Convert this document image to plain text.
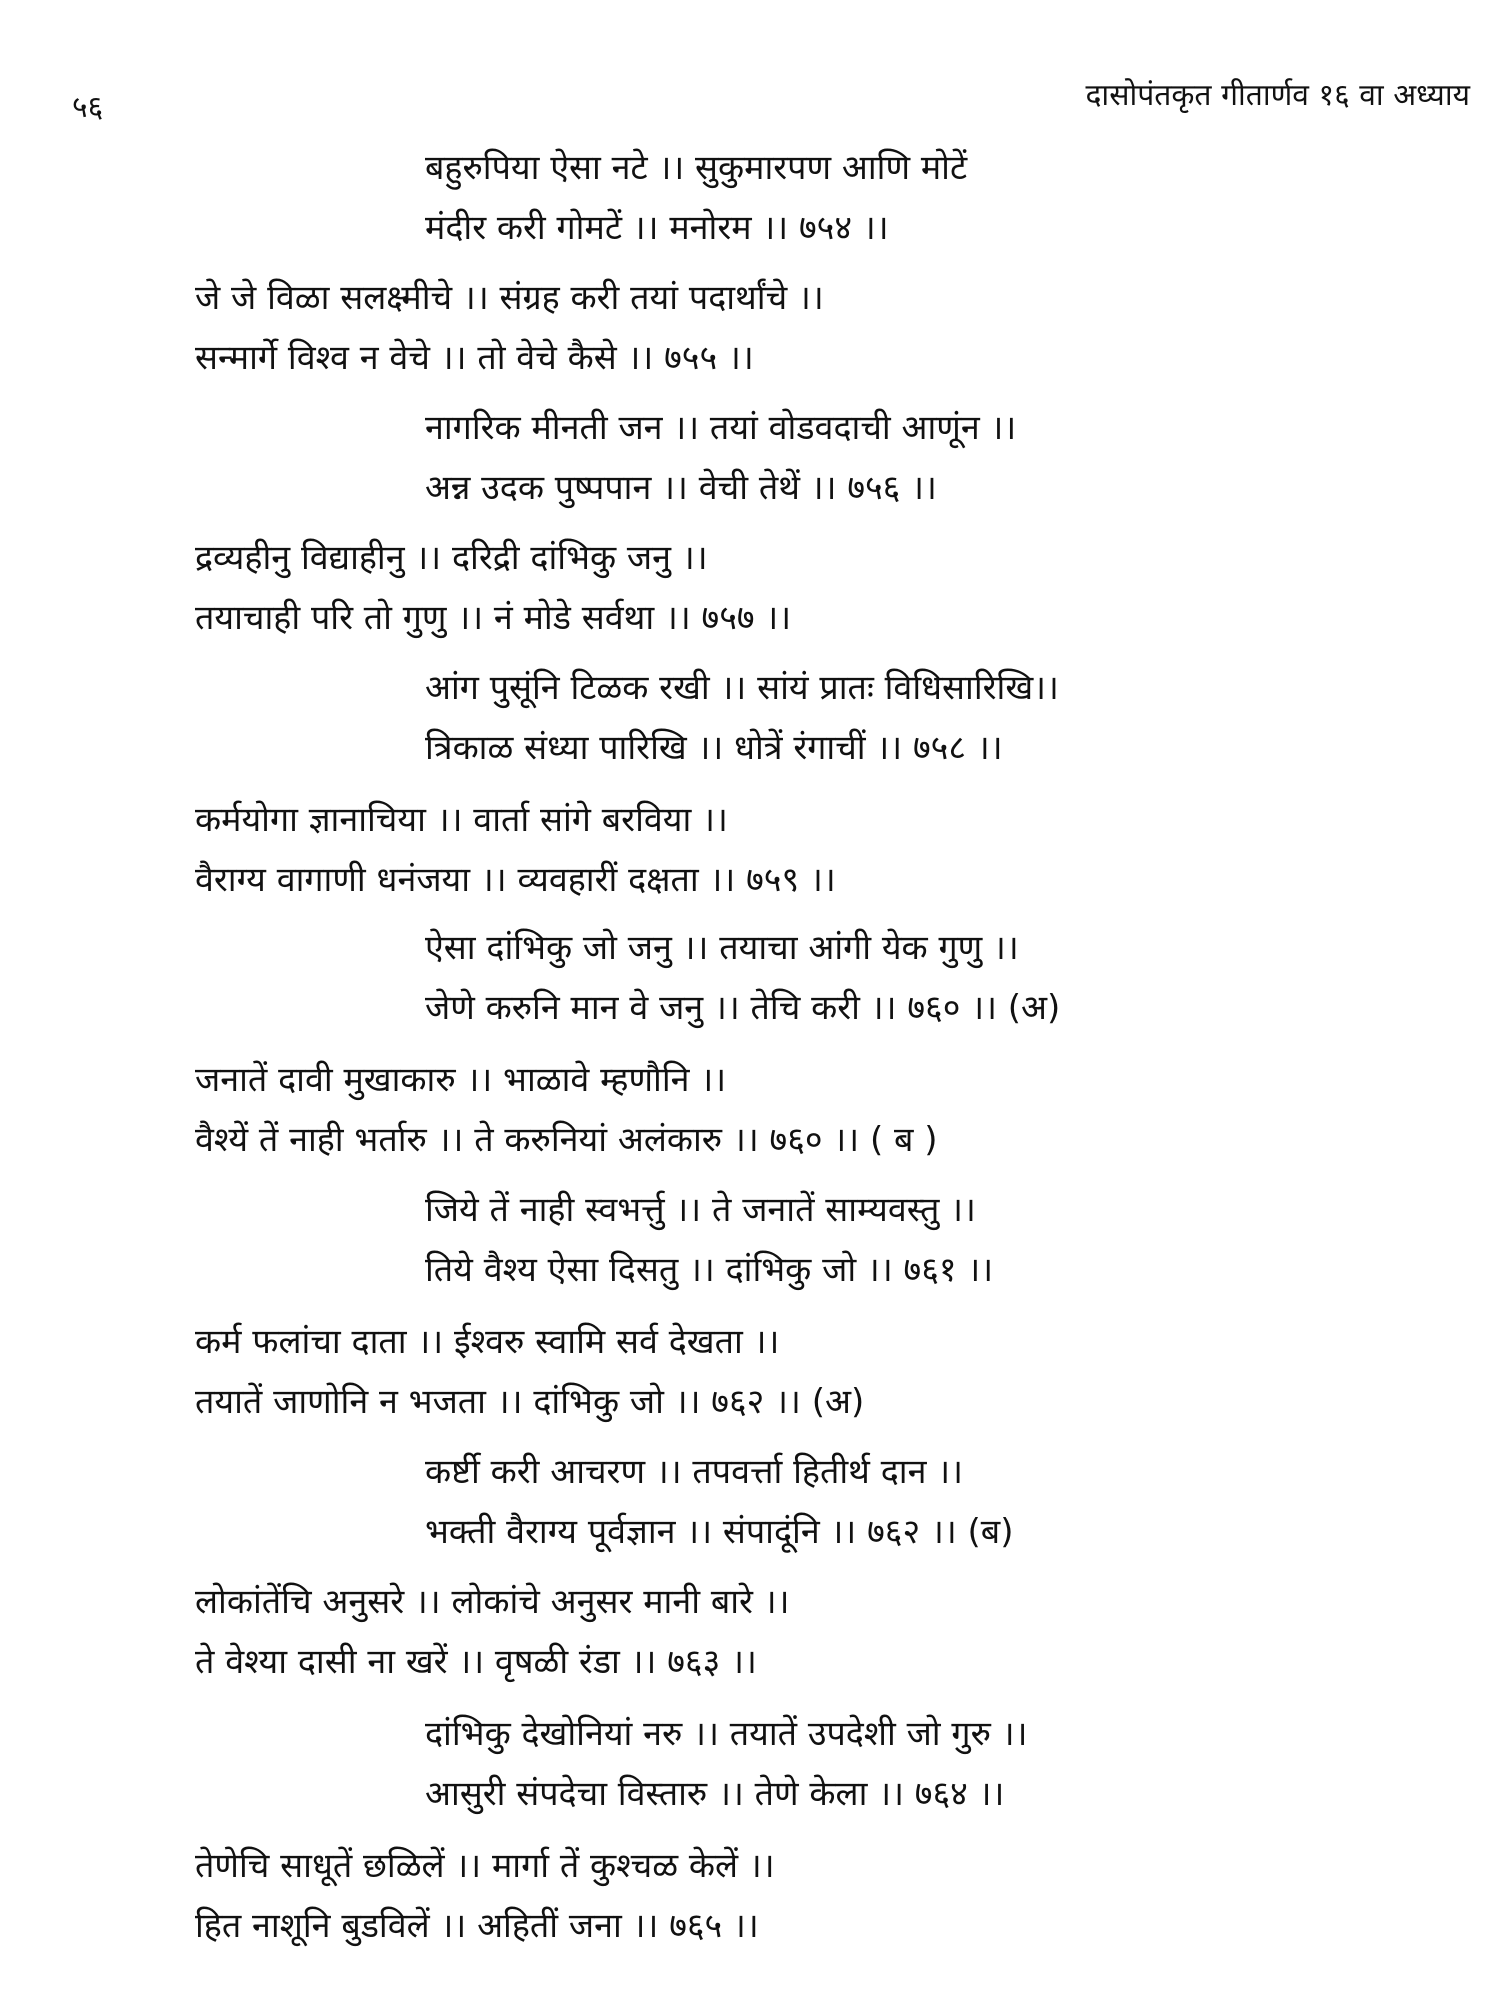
५६	दासोपंतकृत गीतार्णव १६ वा अध्याय
बहुरुपिया ऐसा नटे ।। सुकुमारपण आणि मोटें
मंदीर करी गोमटें ।। मनोरम ।। ७५४ ।।
जे जे विळा सलक्ष्मीचे ।। संग्रह करी तयां पदार्थांचे ।।
सन्मार्गे विश्व न वेचे ।। तो वेचे कैसे ।। ७५५ ।।
नागरिक मीनती जन ।। तयां वोडवदाची आणूंन ।।
अन्न उदक पुष्पपान ।। वेची तेथें ।। ७५६ ।।
द्रव्यहीनु विद्याहीनु ।। दरिद्री दांभिकु जनु ।।
तयाचाही परि तो गुणु ।। नं मोडे सर्वथा ।। ७५७ ।।
आंग पुसूंनि टिळक रखी ।। सांयं प्रातः विधिसारिखि।।
त्रिकाळ संध्या पारिखि ।। धोत्रें रंगाचीं ।। ७५८ ।।
कर्मयोगा ज्ञानाचिया ।। वार्ता सांगे बरविया ।।
वैराग्य वागाणी धनंजया ।। व्यवहारीं दक्षता ।। ७५९ ।।
ऐसा दांभिकु जो जनु ।। तयाचा आंगी येक गुणु ।।
जेणे करुनि मान वे जनु ।। तेचि करी ।। ७६० ।। (अ)
जनातें दावी मुखाकारु ।। भाळावे म्हणौनि ।।
वैश्यें तें नाही भर्तारु ।। ते करुनियां अलंकारु ।। ७६० ।। ( ब )
जिये तें नाही स्वभर्त्तु ।। ते जनातें साम्यवस्तु ।।
तिये वैश्य ऐसा दिसतु ।। दांभिकु जो ।। ७६१ ।।
कर्म फलांचा दाता ।। ईश्वरु स्वामि सर्व देखता ।।
तयातें जाणोनि न भजता ।। दांभिकु जो ।। ७६२ ।। (अ)
कर्ष्टी करी आचरण ।। तपवर्त्ता हितीर्थ दान ।।
भक्ती वैराग्य पूर्वज्ञान ।। संपादूंनि ।। ७६२ ।। (ब)
लोकांतेंचि अनुसरे ।। लोकांचे अनुसर मानी बारे ।।
ते वेश्या दासी ना खरें ।। वृषळी रंडा ।। ७६३ ।।
दांभिकु देखोनियां नरु ।। तयातें उपदेशी जो गुरु ।।
आसुरी संपदेचा विस्तारु ।। तेणे केला ।। ७६४ ।।
तेणेचि साधूतें छळिलें ।। मार्गा तें कुश्चळ केलें ।।
हित नाशूनि बुडविलें ।। अहितीं जना ।। ७६५ ।।
